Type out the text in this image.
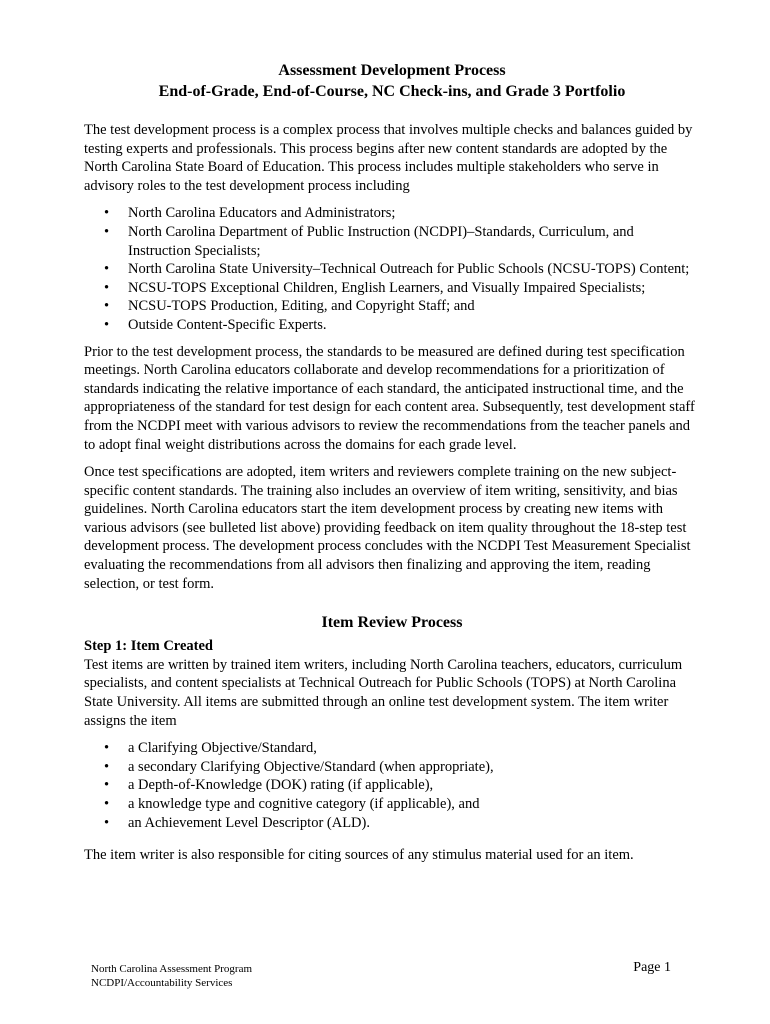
Assessment Development Process
End-of-Grade, End-of-Course, NC Check-ins, and Grade 3 Portfolio

The test development process is a complex process that involves multiple checks and balances guided by testing experts and professionals. This process begins after new content standards are adopted by the North Carolina State Board of Education. This process includes multiple stakeholders who serve in advisory roles to the test development process including

• North Carolina Educators and Administrators;
• North Carolina Department of Public Instruction (NCDPI)–Standards, Curriculum, and Instruction Specialists;
• North Carolina State University–Technical Outreach for Public Schools (NCSU-TOPS) Content;
• NCSU-TOPS Exceptional Children, English Learners, and Visually Impaired Specialists;
• NCSU-TOPS Production, Editing, and Copyright Staff; and
• Outside Content-Specific Experts.

Prior to the test development process, the standards to be measured are defined during test specification meetings. North Carolina educators collaborate and develop recommendations for a prioritization of standards indicating the relative importance of each standard, the anticipated instructional time, and the appropriateness of the standard for test design for each content area. Subsequently, test development staff from the NCDPI meet with various advisors to review the recommendations from the teacher panels and to adopt final weight distributions across the domains for each grade level.

Once test specifications are adopted, item writers and reviewers complete training on the new subject-specific content standards. The training also includes an overview of item writing, sensitivity, and bias guidelines. North Carolina educators start the item development process by creating new items with various advisors (see bulleted list above) providing feedback on item quality throughout the 18-step test development process. The development process concludes with the NCDPI Test Measurement Specialist evaluating the recommendations from all advisors then finalizing and approving the item, reading selection, or test form.

Item Review Process

Step 1: Item Created

Test items are written by trained item writers, including North Carolina teachers, educators, curriculum specialists, and content specialists at Technical Outreach for Public Schools (TOPS) at North Carolina State University. All items are submitted through an online test development system. The item writer assigns the item

• a Clarifying Objective/Standard,
• a secondary Clarifying Objective/Standard (when appropriate),
• a Depth-of-Knowledge (DOK) rating (if applicable),
• a knowledge type and cognitive category (if applicable), and
• an Achievement Level Descriptor (ALD).

The item writer is also responsible for citing sources of any stimulus material used for an item.

North Carolina Assessment Program
NCDPI/Accountability Services
Page 1
